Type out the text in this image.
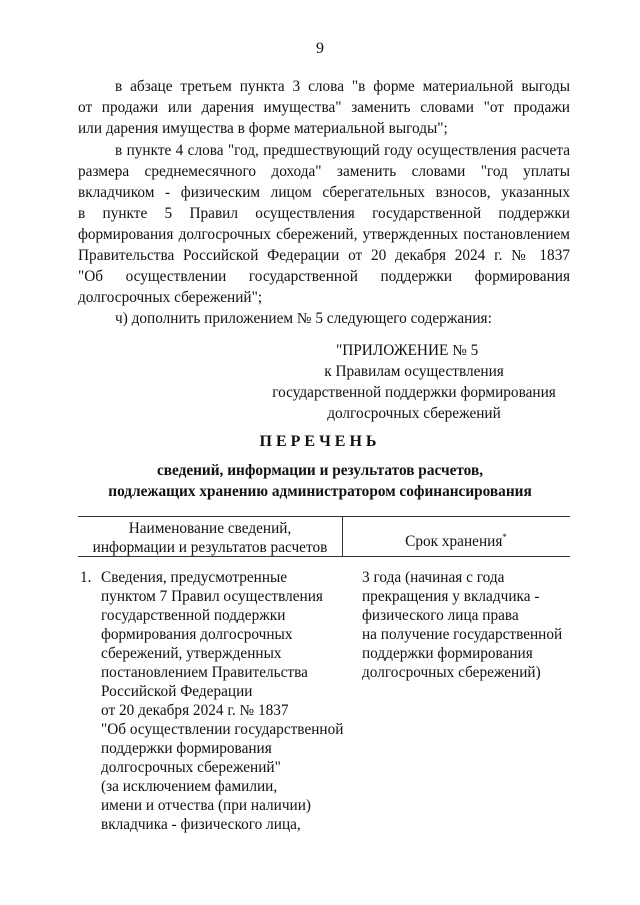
9
в абзаце третьем пункта 3 слова "в форме материальной выгоды
от продажи или дарения имущества" заменить словами "от продажи
или дарения имущества в форме материальной выгоды";
в пункте 4 слова "год, предшествующий году осуществления расчета
размера среднемесячного дохода" заменить словами "год уплаты
вкладчиком - физическим лицом сберегательных взносов, указанных
в пункте 5 Правил осуществления государственной поддержки
формирования долгосрочных сбережений, утвержденных постановлением
Правительства Российской Федерации от 20 декабря 2024 г. № 1837
"Об осуществлении государственной поддержки формирования
долгосрочных сбережений";
ч) дополнить приложением № 5 следующего содержания:
"ПРИЛОЖЕНИЕ № 5
к Правилам осуществления
государственной поддержки формирования
долгосрочных сбережений
ПЕРЕЧЕНЬ
сведений, информации и результатов расчетов,
подлежащих хранению администратором софинансирования
Наименование сведений,
информации и результатов расчетов	Срок хранения*
1. Сведения, предусмотренные
пунктом 7 Правил осуществления
государственной поддержки
формирования долгосрочных
сбережений, утвержденных
постановлением Правительства
Российской Федерации
от 20 декабря 2024 г. № 1837
"Об осуществлении государственной
поддержки формирования
долгосрочных сбережений"
(за исключением фамилии,
имени и отчества (при наличии)
вкладчика - физического лица,
3 года (начиная с года
прекращения у вкладчика -
физического лица права
на получение государственной
поддержки формирования
долгосрочных сбережений)
